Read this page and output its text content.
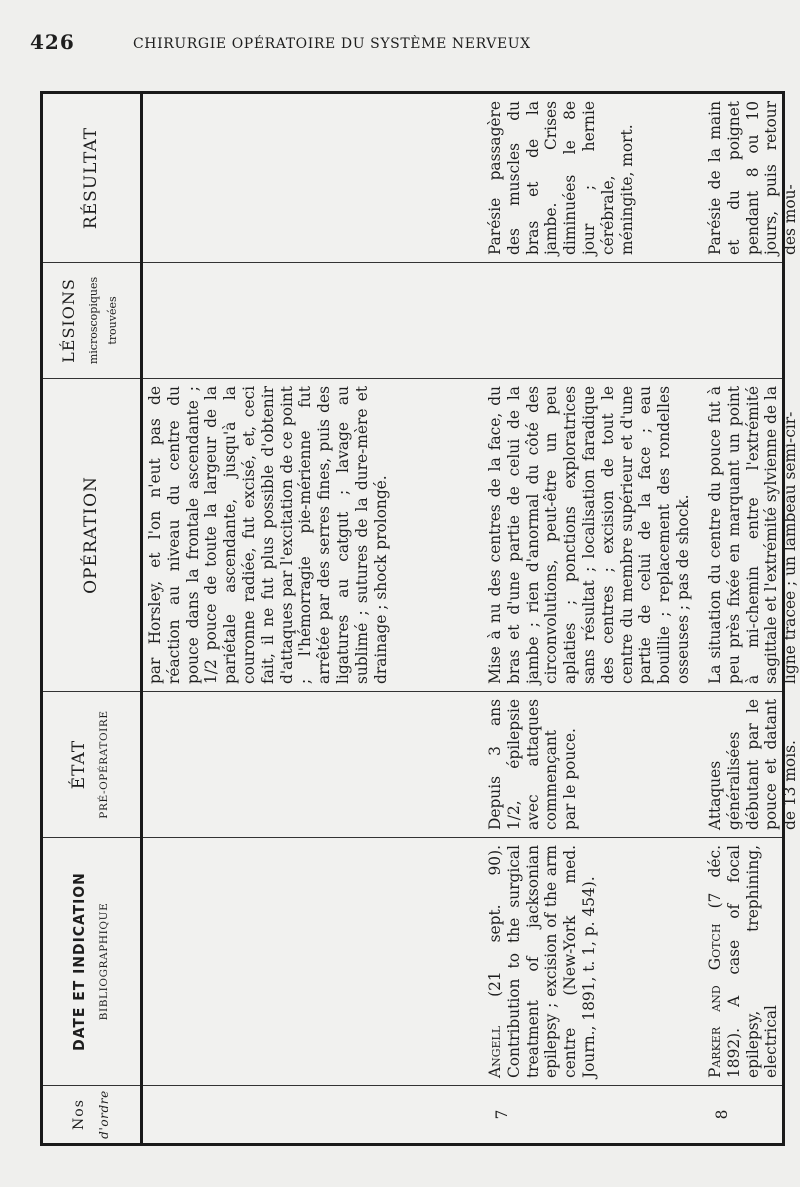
426	CHIRURGIE OPÉRATOIRE DU SYSTÈME NERVEUX
Nos d'ordre
DATE ET INDICATION BIBLIOGRAPHIQUE
ÉTAT PRÉ-OPÉRATOIRE
OPÉRATION
LÉSIONS microscopiques trouvées
RÉSULTAT
par Horsley, et l'on n'eut pas de réaction au niveau du centre du pouce dans la frontale ascendante ; 1/2 pouce de toute la largeur de la pariétale ascendante, jusqu'à la couronne radiée, fut excisé, et, ceci fait, il ne fut plus possible d'obtenir d'attaques par l'excitation de ce point ; l'hémorragie pie-mérienne fut arrêtée par des serres fines, puis des ligatures au catgut ; lavage au sublimé ; sutures de la dure-mère et drainage ; shock prolongé.
7
Angell (21 sept. 90). Contribution to the surgical treatment of jacksonian epilepsy ; excision of the arm centre (New-York med. Journ., 1891, t. 1, p. 454).
Depuis 3 ans 1/2, épilepsie avec attaques commençant par le pouce.
Mise à nu des centres de la face, du bras et d'une partie de celui de la jambe ; rien d'anormal du côté des circonvolutions, peut-être un peu aplaties ; ponctions exploratrices sans résultat ; localisation faradique des centres ; excision de tout le centre du membre supérieur et d'une partie de celui de la face ; eau bouillie ; replacement des rondelles osseuses ; pas de shock.
Parésie passagère des muscles du bras et de la jambe. Crises diminuées le 8e jour ; hernie cérébrale, méningite, mort.
8
Parker and Gotch (7 déc. 1892). A case of focal epilepsy, trephining, electrical
Attaques généralisées débutant par le pouce et datant de 13 mois.
La situation du centre du pouce fut à peu près fixée en marquant un point à mi-chemin entre l'extrémité sagittale et l'extrémité sylvienne de la ligne tracée ; un lambeau semi-cir-
Parésie de la main et du poignet pendant 8 ou 10 jours, puis retour des mou-
